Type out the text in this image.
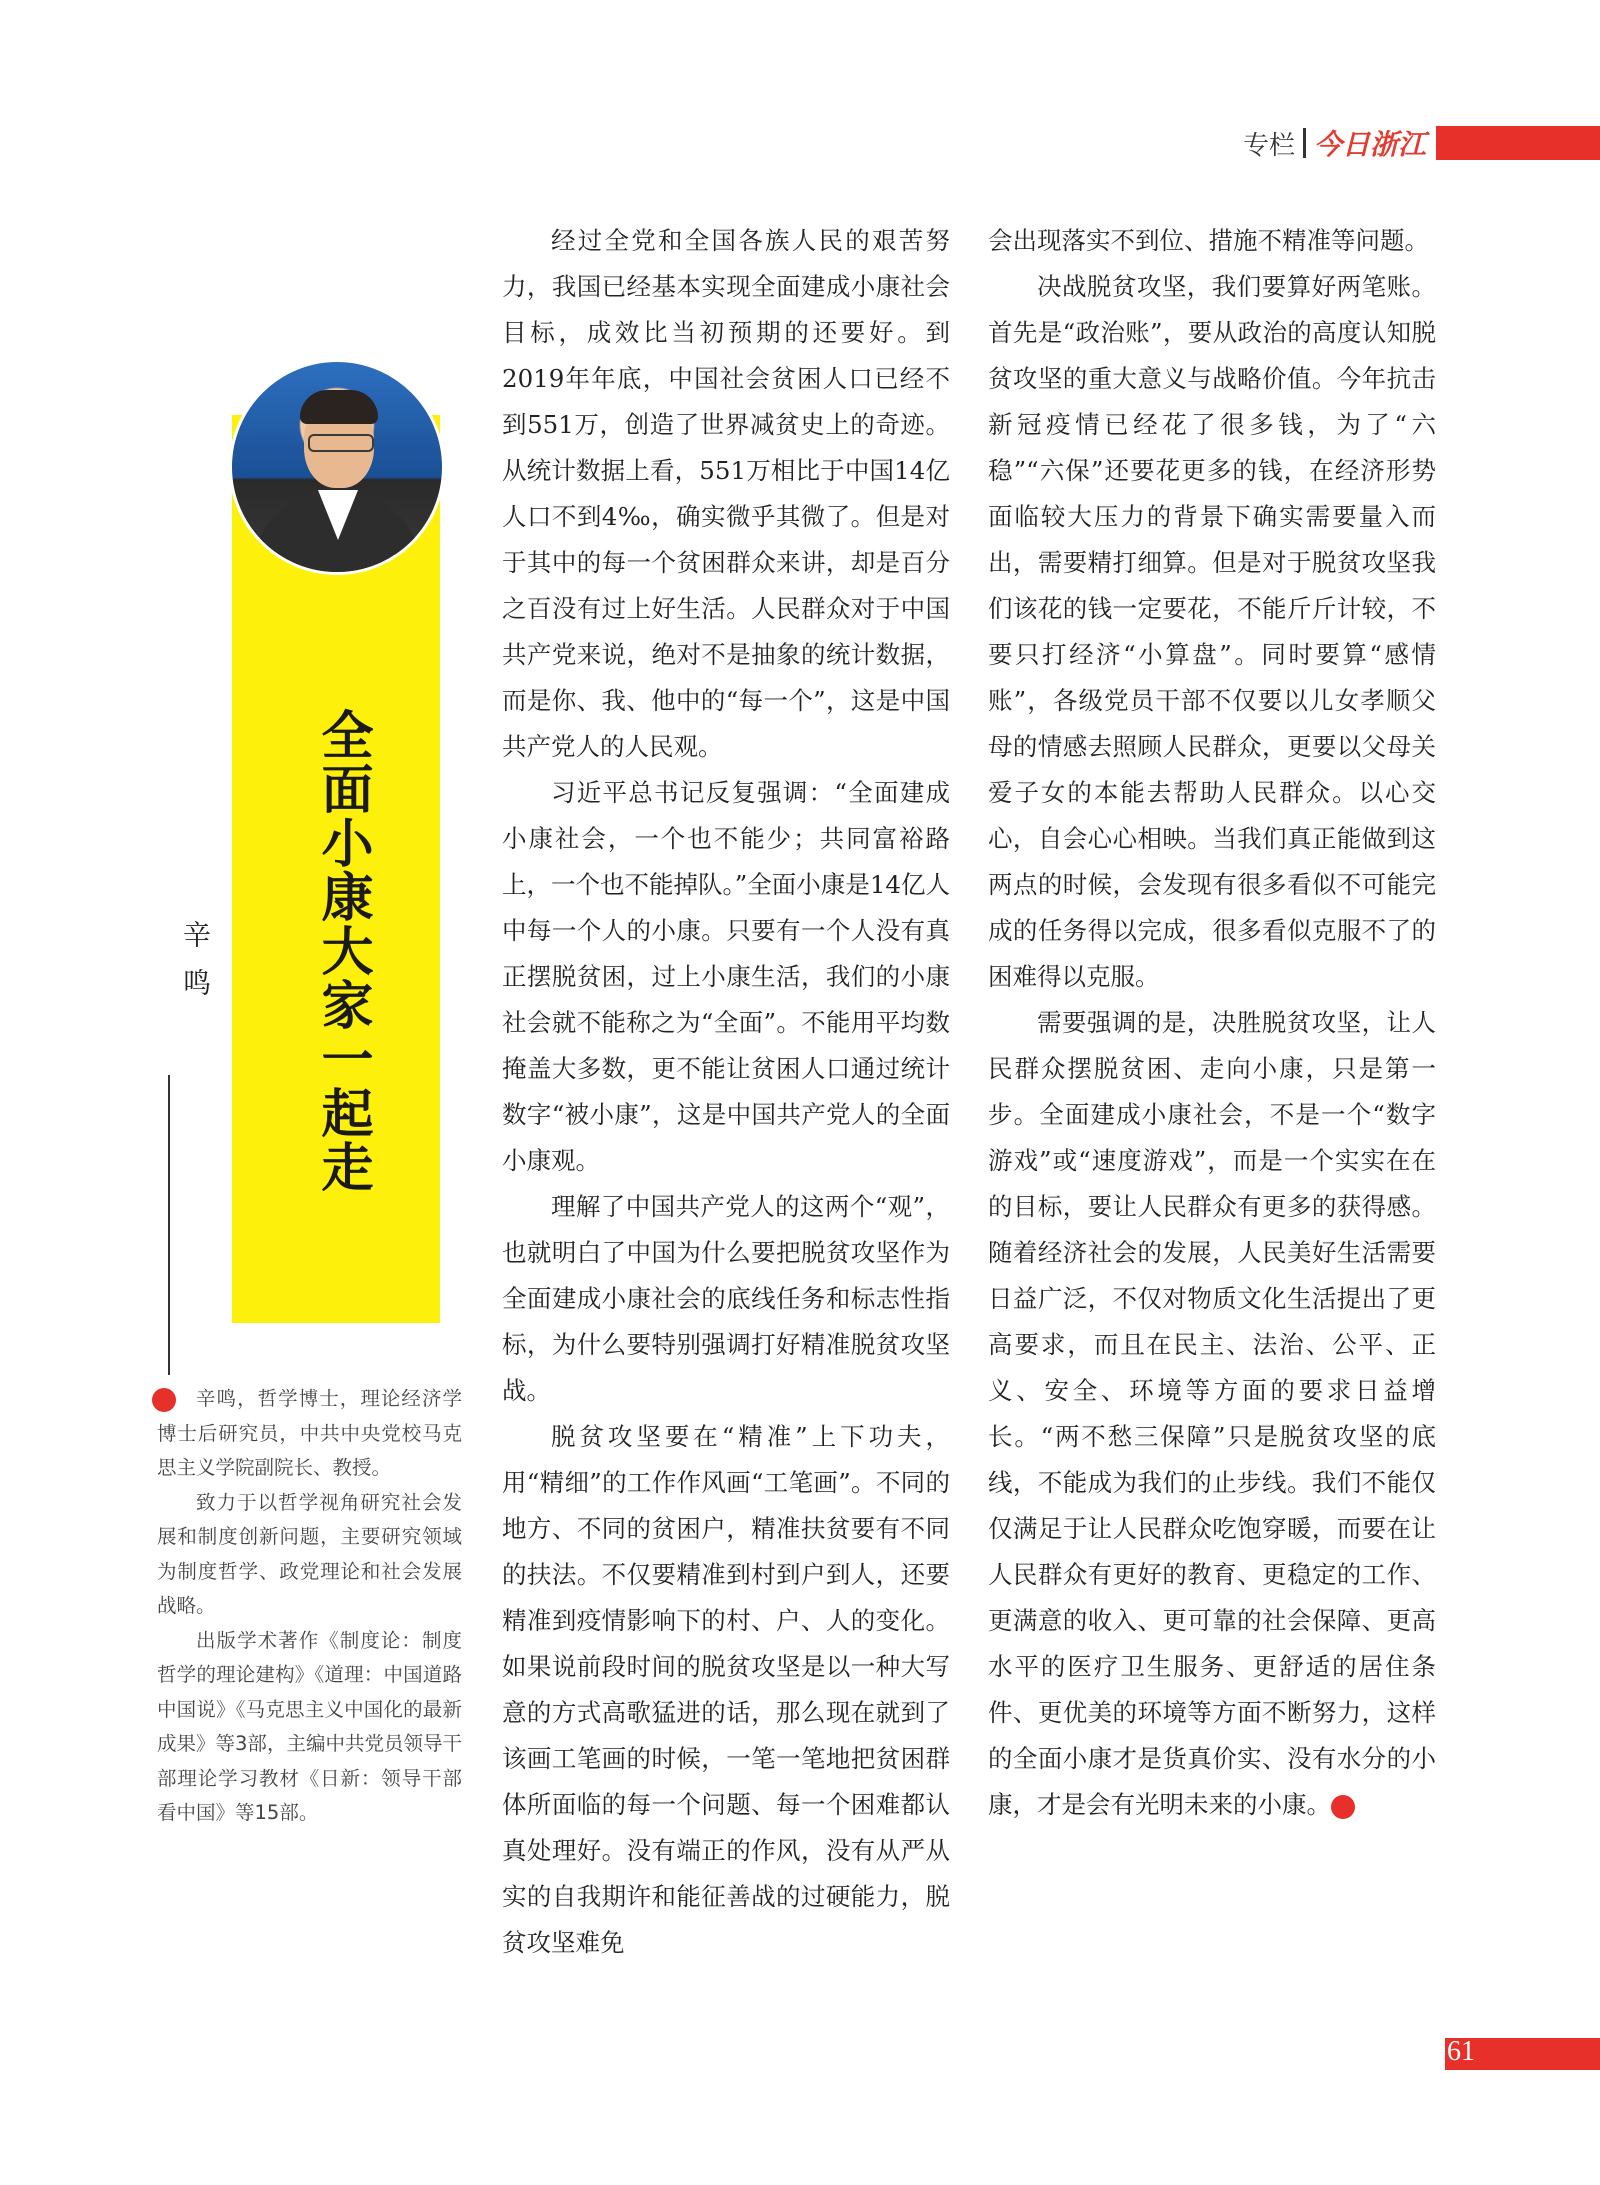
专栏 今日浙江
全面小康大家一起走
辛鸣

辛鸣，哲学博士，理论经济学博士后研究员，中共中央党校马克思主义学院副院长、教授。

致力于以哲学视角研究社会发展和制度创新问题，主要研究领域为制度哲学、政党理论和社会发展战略。

出版学术著作《制度论：制度哲学的理论建构》《道理：中国道路中国说》《马克思主义中国化的最新成果》等3部，主编中共党员领导干部理论学习教材《日新：领导干部看中国》等15部。

经过全党和全国各族人民的艰苦努力，我国已经基本实现全面建成小康社会目标，成效比当初预期的还要好。到2019年年底，中国社会贫困人口已经不到551万，创造了世界减贫史上的奇迹。从统计数据上看，551万相比于中国14亿人口不到4‰，确实微乎其微了。但是对于其中的每一个贫困群众来讲，却是百分之百没有过上好生活。人民群众对于中国共产党来说，绝对不是抽象的统计数据，而是你、我、他中的“每一个”，这是中国共产党人的人民观。

习近平总书记反复强调：“全面建成小康社会，一个也不能少；共同富裕路上，一个也不能掉队。”全面小康是14亿人中每一个人的小康。只要有一个人没有真正摆脱贫困，过上小康生活，我们的小康社会就不能称之为“全面”。不能用平均数掩盖大多数，更不能让贫困人口通过统计数字“被小康”，这是中国共产党人的全面小康观。

理解了中国共产党人的这两个“观”，也就明白了中国为什么要把脱贫攻坚作为全面建成小康社会的底线任务和标志性指标，为什么要特别强调打好精准脱贫攻坚战。

脱贫攻坚要在“精准”上下功夫，用“精细”的工作作风画“工笔画”。不同的地方、不同的贫困户，精准扶贫要有不同的扶法。不仅要精准到村到户到人，还要精准到疫情影响下的村、户、人的变化。如果说前段时间的脱贫攻坚是以一种大写意的方式高歌猛进的话，那么现在就到了该画工笔画的时候，一笔一笔地把贫困群体所面临的每一个问题、每一个困难都认真处理好。没有端正的作风，没有从严从实的自我期许和能征善战的过硬能力，脱贫攻坚难免

会出现落实不到位、措施不精准等问题。

决战脱贫攻坚，我们要算好两笔账。首先是“政治账”，要从政治的高度认知脱贫攻坚的重大意义与战略价值。今年抗击新冠疫情已经花了很多钱，为了“六稳”“六保”还要花更多的钱，在经济形势面临较大压力的背景下确实需要量入而出，需要精打细算。但是对于脱贫攻坚我们该花的钱一定要花，不能斤斤计较，不要只打经济“小算盘”。同时要算“感情账”，各级党员干部不仅要以儿女孝顺父母的情感去照顾人民群众，更要以父母关爱子女的本能去帮助人民群众。以心交心，自会心心相映。当我们真正能做到这两点的时候，会发现有很多看似不可能完成的任务得以完成，很多看似克服不了的困难得以克服。

需要强调的是，决胜脱贫攻坚，让人民群众摆脱贫困、走向小康，只是第一步。全面建成小康社会，不是一个“数字游戏”或“速度游戏”，而是一个实实在在的目标，要让人民群众有更多的获得感。随着经济社会的发展，人民美好生活需要日益广泛，不仅对物质文化生活提出了更高要求，而且在民主、法治、公平、正义、安全、环境等方面的要求日益增长。“两不愁三保障”只是脱贫攻坚的底线，不能成为我们的止步线。我们不能仅仅满足于让人民群众吃饱穿暖，而要在让人民群众有更好的教育、更稳定的工作、更满意的收入、更可靠的社会保障、更高水平的医疗卫生服务、更舒适的居住条件、更优美的环境等方面不断努力，这样的全面小康才是货真价实、没有水分的小康，才是会有光明未来的小康。	今

61
